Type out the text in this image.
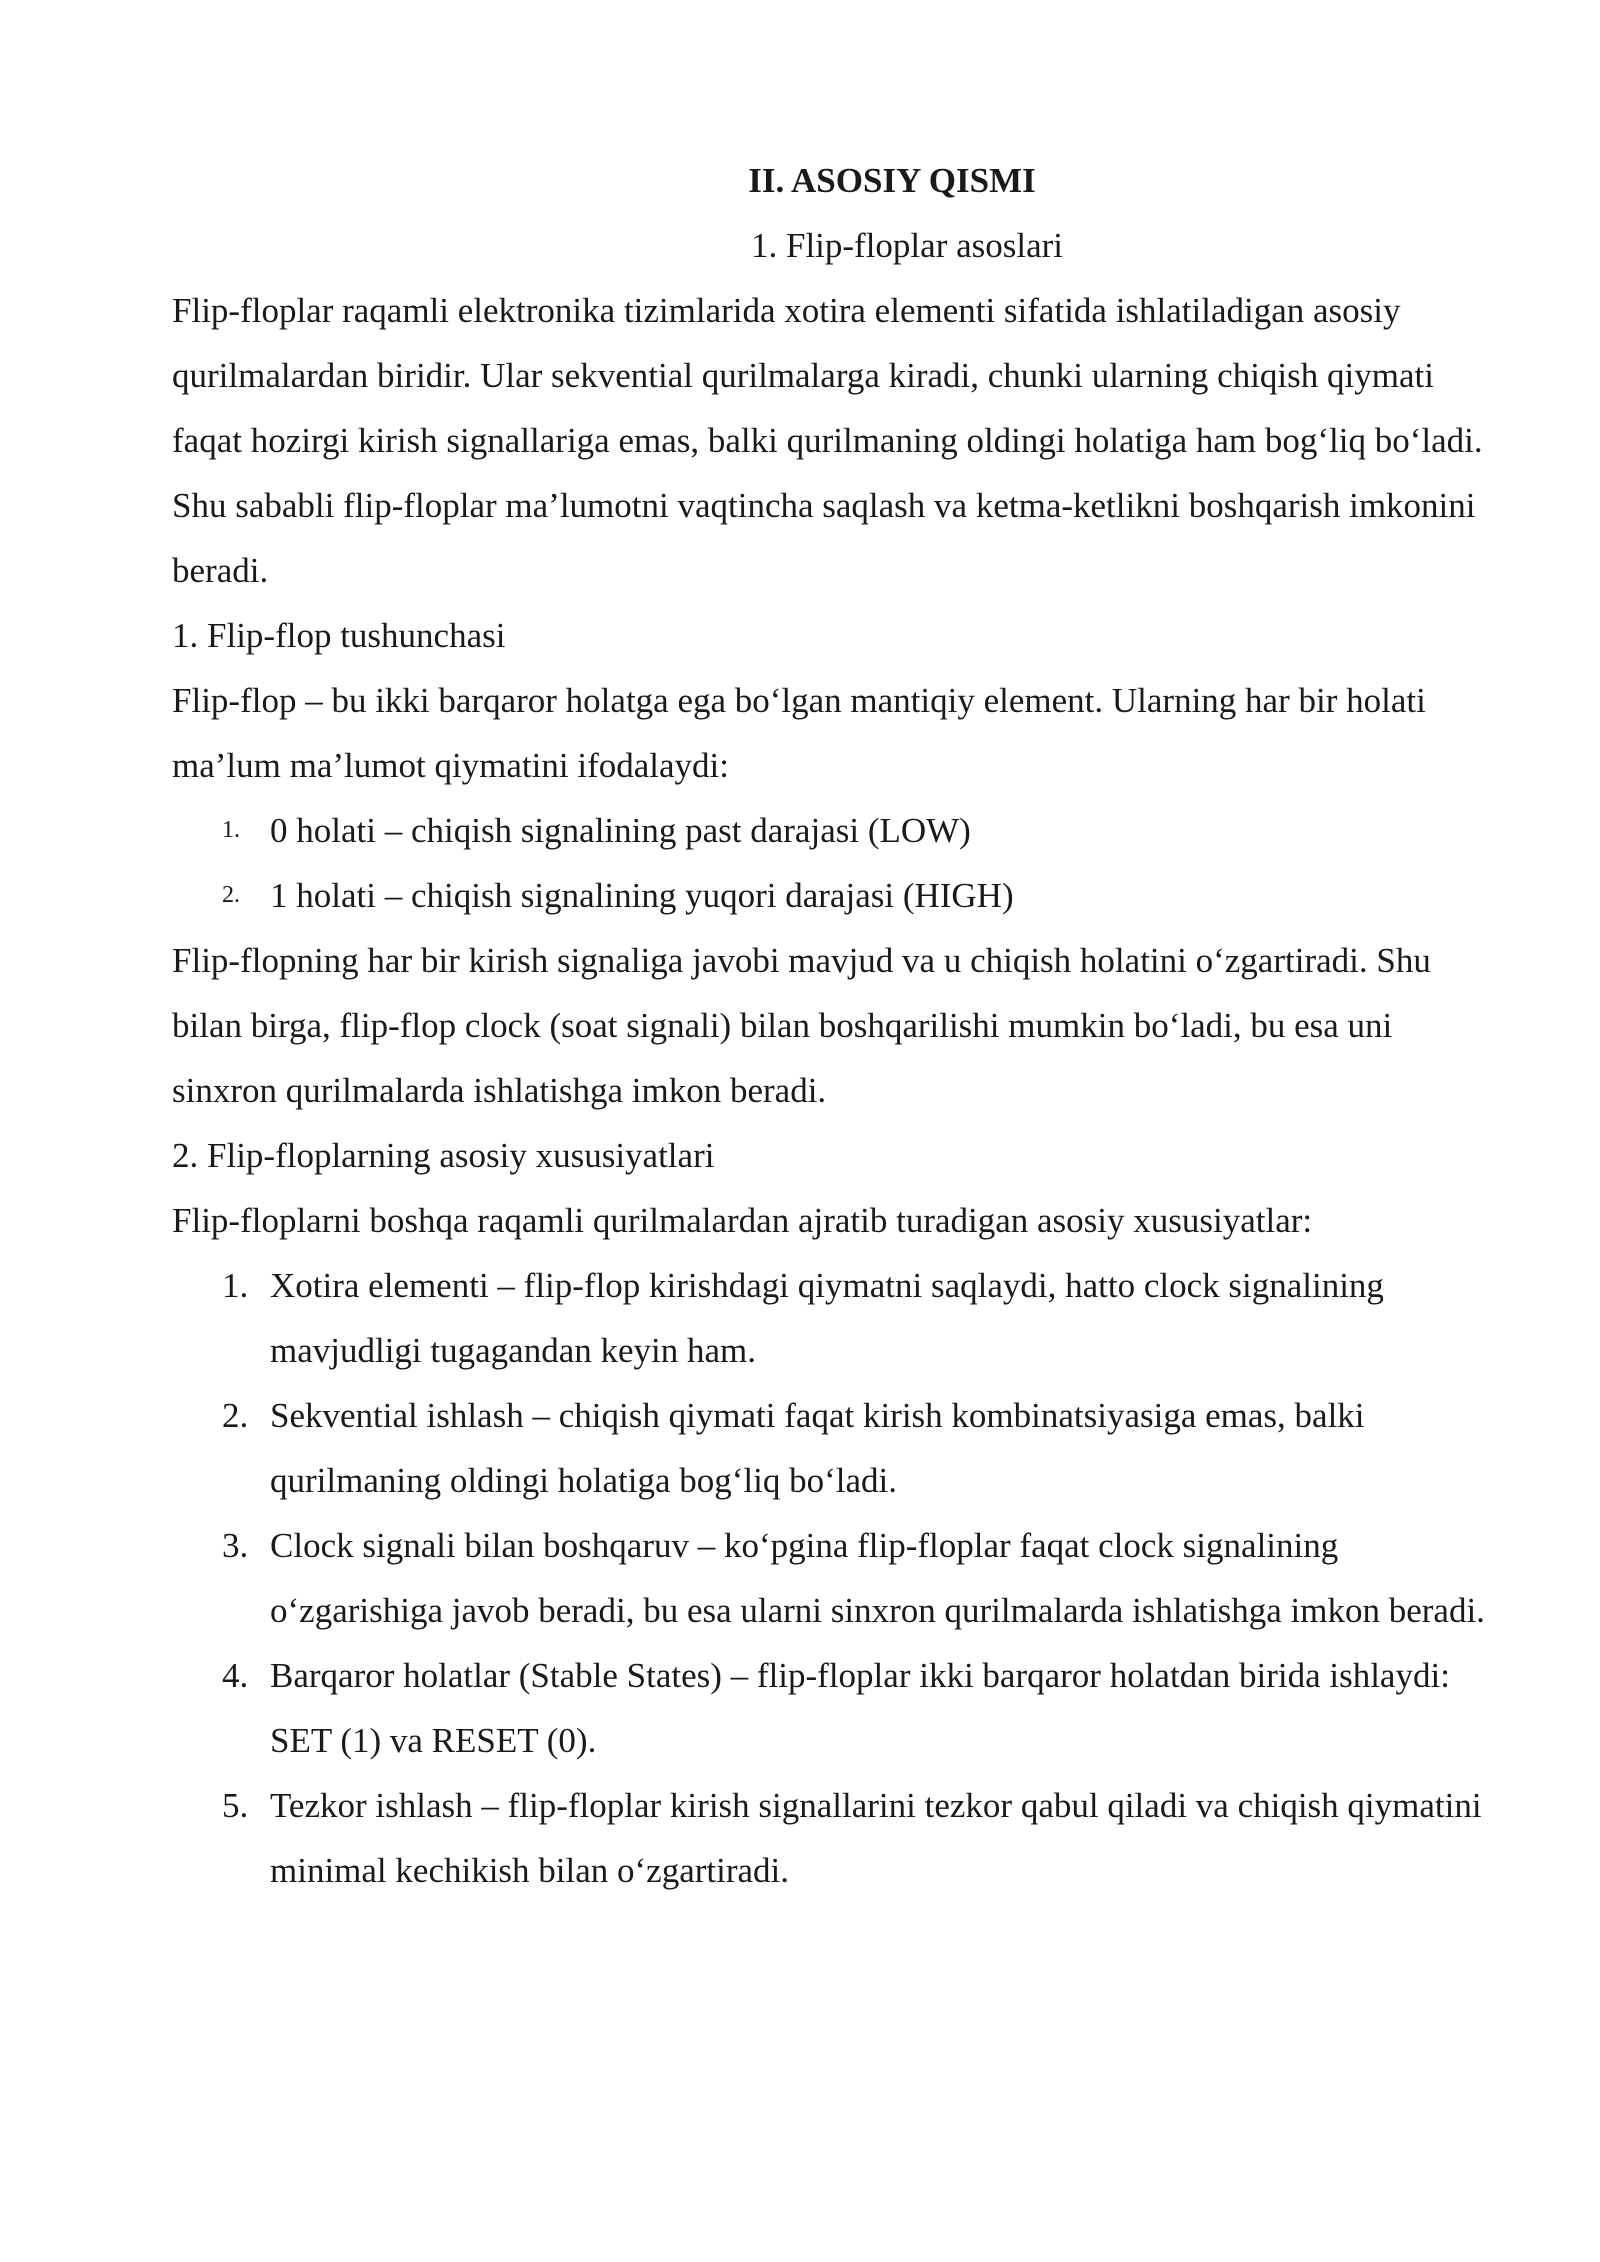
II. ASOSIY QISMI
1. Flip-floplar asoslari

Flip-floplar raqamli elektronika tizimlarida xotira elementi sifatida ishlatiladigan asosiy qurilmalardan biridir. Ular sekvential qurilmalarga kiradi, chunki ularning chiqish qiymati faqat hozirgi kirish signallariga emas, balki qurilmaning oldingi holatiga ham bog‘liq bo‘ladi. Shu sababli flip-floplar ma’lumotni vaqtincha saqlash va ketma-ketlikni boshqarish imkonini beradi.

1. Flip-flop tushunchasi

Flip-flop – bu ikki barqaror holatga ega bo‘lgan mantiqiy element. Ularning har bir holati ma’lum ma’lumot qiymatini ifodalaydi:

1. 0 holati – chiqish signalining past darajasi (LOW)
2. 1 holati – chiqish signalining yuqori darajasi (HIGH)

Flip-flopning har bir kirish signaliga javobi mavjud va u chiqish holatini o‘zgartiradi. Shu bilan birga, flip-flop clock (soat signali) bilan boshqarilishi mumkin bo‘ladi, bu esa uni sinxron qurilmalarda ishlatishga imkon beradi.

2. Flip-floplarning asosiy xususiyatlari

Flip-floplarni boshqa raqamli qurilmalardan ajratib turadigan asosiy xususiyatlar:

1. Xotira elementi – flip-flop kirishdagi qiymatni saqlaydi, hatto clock signalining mavjudligi tugagandan keyin ham.
2. Sekvential ishlash – chiqish qiymati faqat kirish kombinatsiyasiga emas, balki qurilmaning oldingi holatiga bog‘liq bo‘ladi.
3. Clock signali bilan boshqaruv – ko‘pgina flip-floplar faqat clock signalining o‘zgarishiga javob beradi, bu esa ularni sinxron qurilmalarda ishlatishga imkon beradi.
4. Barqaror holatlar (Stable States) – flip-floplar ikki barqaror holatdan birida ishlaydi: SET (1) va RESET (0).
5. Tezkor ishlash – flip-floplar kirish signallarini tezkor qabul qiladi va chiqish qiymatini minimal kechikish bilan o‘zgartiradi.
